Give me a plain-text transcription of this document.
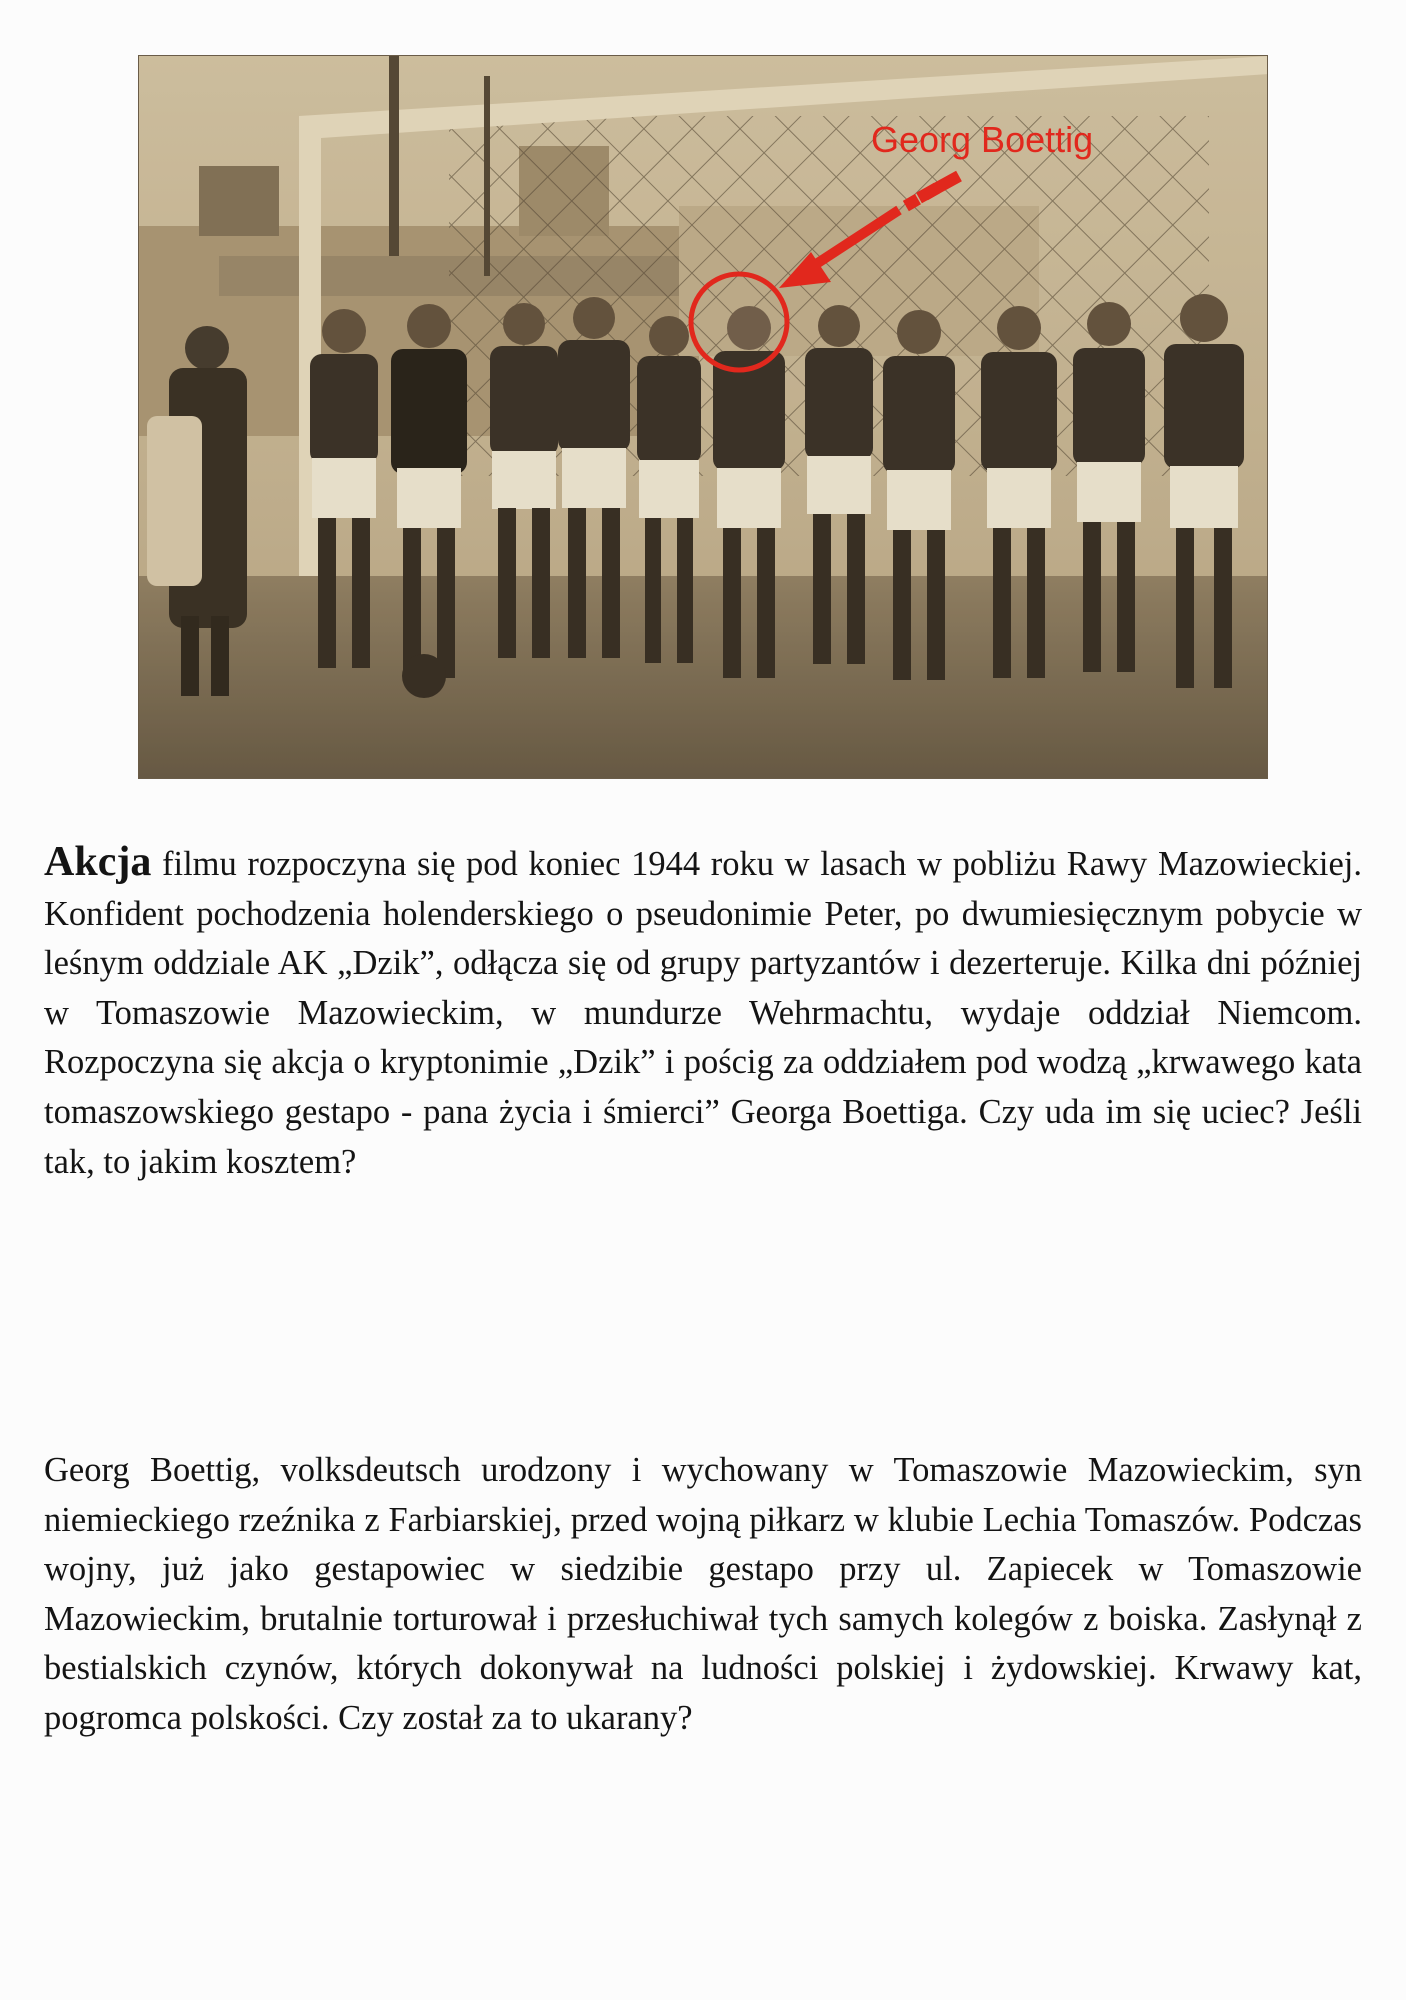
Georg Boettig

Akcja filmu rozpoczyna się pod koniec 1944 roku w lasach w pobliżu Rawy Mazowieckiej. Konfident pochodzenia holenderskiego o pseudonimie Peter, po dwumiesięcznym pobycie w leśnym oddziale AK „Dzik”, odłącza się od grupy partyzantów i dezerteruje. Kilka dni później w Tomaszowie Mazowieckim, w mundurze Wehrmachtu, wydaje oddział Niemcom. Rozpoczyna się akcja o kryptonimie „Dzik” i pościg za oddziałem pod wodzą „krwawego kata tomaszowskiego gestapo - pana życia i śmierci” Georga Boettiga. Czy uda im się uciec? Jeśli tak, to jakim kosztem?

Georg Boettig, volksdeutsch urodzony i wychowany w Tomaszowie Mazowieckim, syn niemieckiego rzeźnika z Farbiarskiej, przed wojną piłkarz w klubie Lechia Tomaszów. Podczas wojny, już jako gestapowiec w siedzibie gestapo przy ul. Zapiecek w Tomaszowie Mazowieckim, brutalnie torturował i przesłuchiwał tych samych kolegów z boiska. Zasłynął z bestialskich czynów, których dokonywał na ludności polskiej i żydowskiej. Krwawy kat, pogromca polskości. Czy został za to ukarany?
